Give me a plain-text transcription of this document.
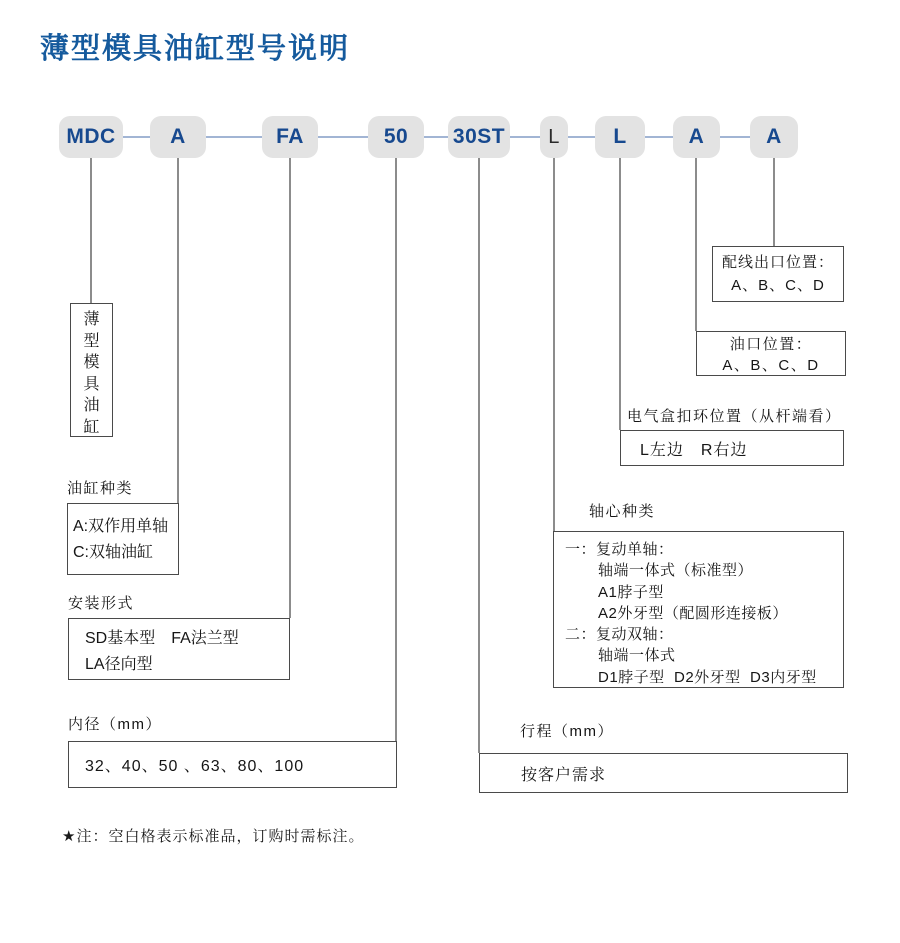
薄型模具油缸型号说明
MDC	A	FA	50	30ST	L	L	A	A
薄型模具油缸
油缸种类
A:双作用单轴
C:双轴油缸
安装形式
SD基本型　FA法兰型
LA径向型
内径（mm）
32、40、50 、63、80、100
行程（mm）
按客户需求
轴心种类
一：复动单轴：
轴端一体式（标准型）
A1脖子型
A2外牙型（配圆形连接板）
二：复动双轴：
轴端一体式
D1脖子型  D2外牙型  D3内牙型
电气盒扣环位置（从杆端看）
L左边　R右边
油口位置：
A、B、C、D
配线出口位置：
A、B、C、D
★注：空白格表示标准品，订购时需标注。
